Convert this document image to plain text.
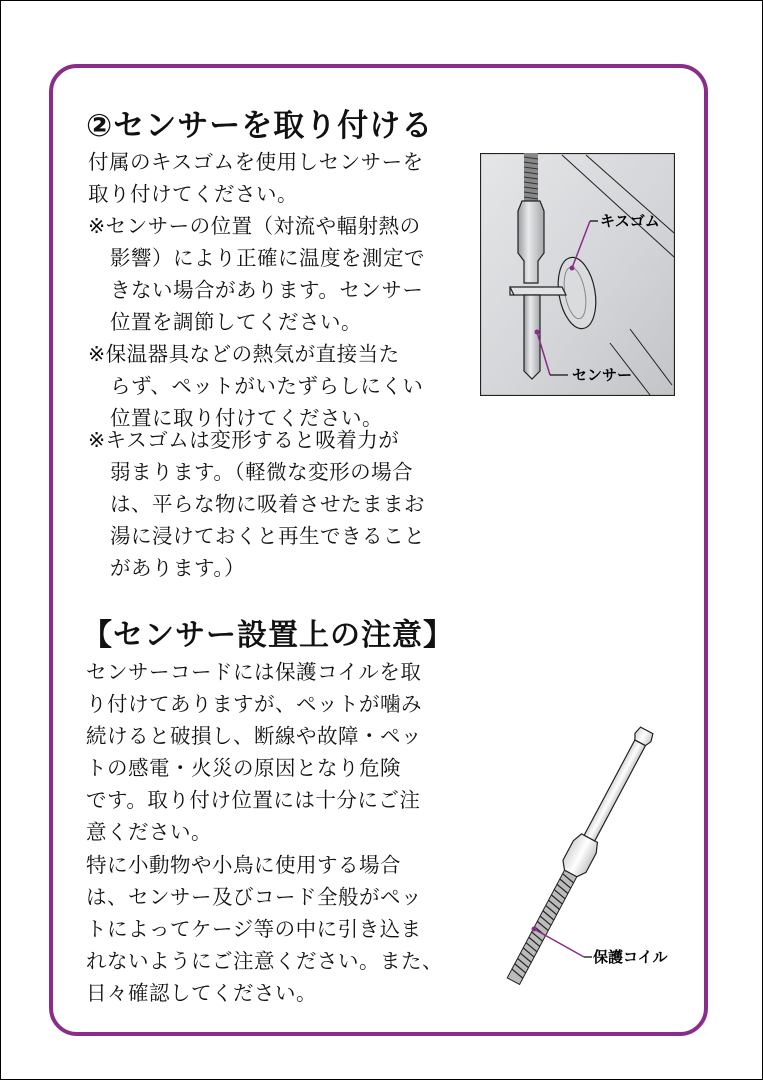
②センサーを取り付ける
付属のキスゴムを使用しセンサーを
取り付けてください。
※センサーの位置（対流や輻射熱の
影響）により正確に温度を測定で
きない場合があります。センサー
位置を調節してください。
※保温器具などの熱気が直接当た
らず、ペットがいたずらしにくい
位置に取り付けてください。
※キスゴムは変形すると吸着力が
弱まります。（軽微な変形の場合
は、平らな物に吸着させたままお
湯に浸けておくと再生できること
があります。）
キスゴム
センサー
【センサー設置上の注意】
センサーコードには保護コイルを取
り付けてありますが、ペットが噛み
続けると破損し、断線や故障・ペッ
トの感電・火災の原因となり危険
です。取り付け位置には十分にご注
意ください。
特に小動物や小鳥に使用する場合
は、センサー及びコード全般がペッ
トによってケージ等の中に引き込ま
れないようにご注意ください。また、
日々確認してください。
保護コイル
